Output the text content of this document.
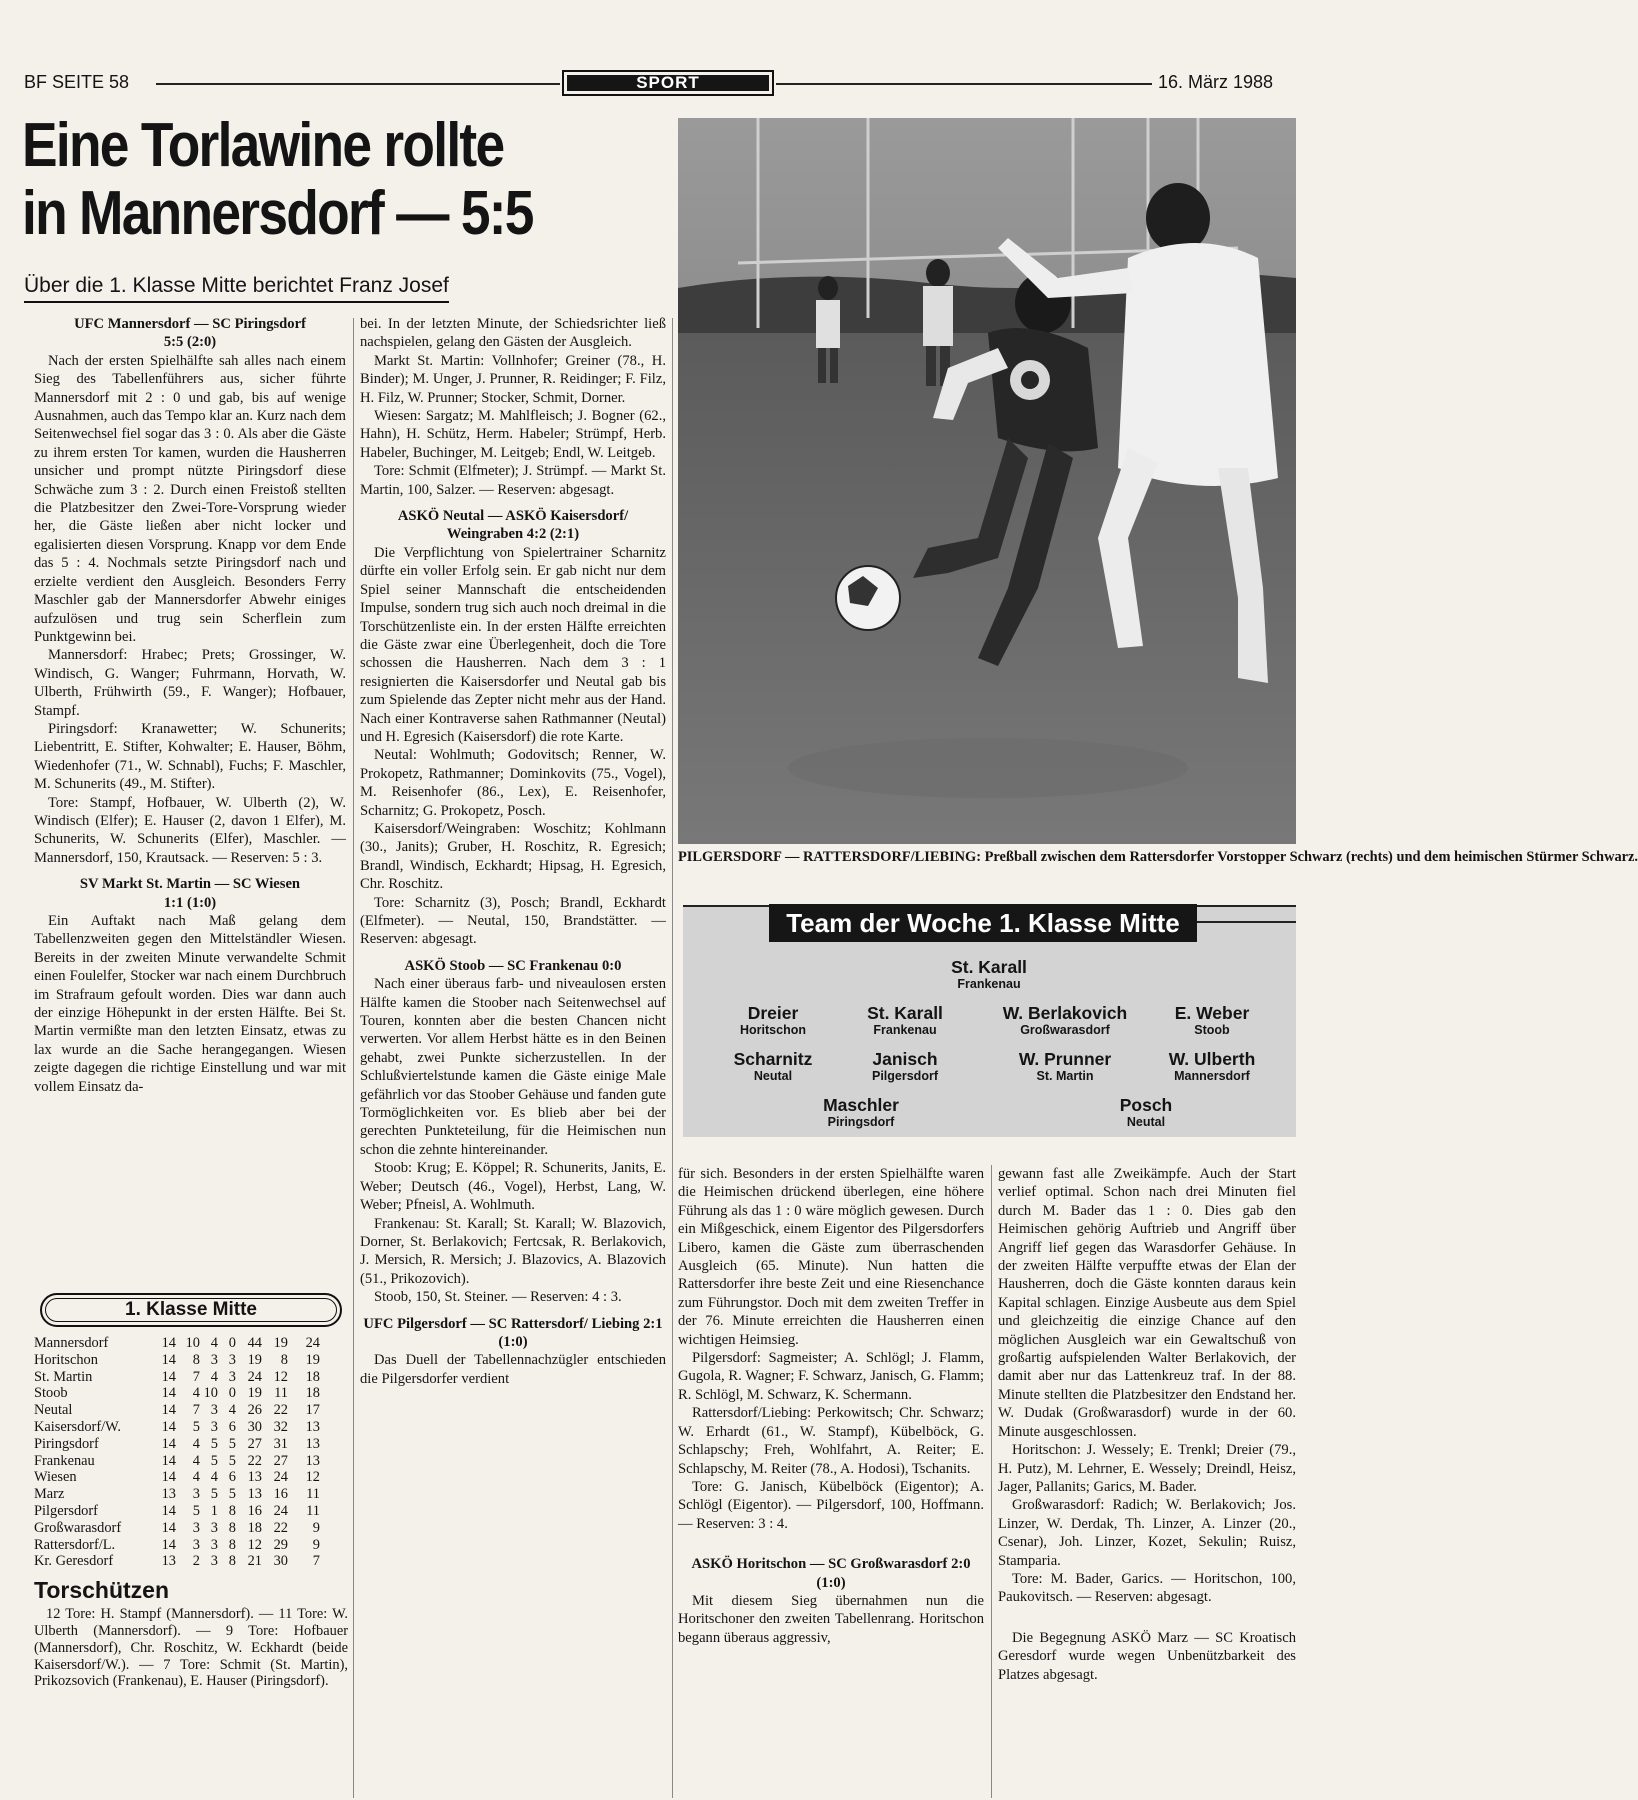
BF SEITE 58	SPORT	16. März 1988
Eine Torlawine rollte
in Mannersdorf — 5:5
Über die 1. Klasse Mitte berichtet Franz Josef

UFC Mannersdorf — SC Piringsdorf

5:5 (2:0)

Nach der ersten Spielhälfte sah alles nach einem Sieg des Tabellenführers aus, sicher führte Mannersdorf mit 2 : 0 und gab, bis auf wenige Ausnahmen, auch das Tempo klar an. Kurz nach dem Seitenwechsel fiel sogar das 3 : 0. Als aber die Gäste zu ihrem ersten Tor kamen, wurden die Hausherren unsicher und prompt nützte Piringsdorf diese Schwäche zum 3 : 2. Durch einen Freistoß stellten die Platzbesitzer den Zwei-Tore-Vorsprung wieder her, die Gäste ließen aber nicht locker und egalisierten diesen Vorsprung. Knapp vor dem Ende das 5 : 4. Nochmals setzte Piringsdorf nach und erzielte verdient den Ausgleich. Besonders Ferry Maschler gab der Mannersdorfer Abwehr einiges aufzulösen und trug sein Scherflein zum Punktgewinn bei.

Mannersdorf: Hrabec; Prets; Grossinger, W. Windisch, G. Wanger; Fuhrmann, Horvath, W. Ulberth, Frühwirth (59., F. Wanger); Hofbauer, Stampf.

Piringsdorf: Kranawetter; W. Schunerits; Liebentritt, E. Stifter, Kohwalter; E. Hauser, Böhm, Wiedenhofer (71., W. Schnabl), Fuchs; F. Maschler, M. Schunerits (49., M. Stifter).

Tore: Stampf, Hofbauer, W. Ulberth (2), W. Windisch (Elfer); E. Hauser (2, davon 1 Elfer), M. Schunerits, W. Schunerits (Elfer), Maschler. — Mannersdorf, 150, Krautsack. — Reserven: 5 : 3.

SV Markt St. Martin — SC Wiesen

1:1 (1:0)

Ein Auftakt nach Maß gelang dem Tabellenzweiten gegen den Mittelständler Wiesen. Bereits in der zweiten Minute verwandelte Schmit einen Foulelfer, Stocker war nach einem Durchbruch im Strafraum gefoult worden. Dies war dann auch der einzige Höhepunkt in der ersten Hälfte. Bei St. Martin vermißte man den letzten Einsatz, etwas zu lax wurde an die Sache herangegangen. Wiesen zeigte dagegen die richtige Einstellung und war mit vollem Einsatz da-

bei. In der letzten Minute, der Schiedsrichter ließ nachspielen, gelang den Gästen der Ausgleich.

Markt St. Martin: Vollnhofer; Greiner (78., H. Binder); M. Unger, J. Prunner, R. Reidinger; F. Filz, H. Filz, W. Prunner; Stocker, Schmit, Dorner.

Wiesen: Sargatz; M. Mahlfleisch; J. Bogner (62., Hahn), H. Schütz, Herm. Habeler; Strümpf, Herb. Habeler, Buchinger, M. Leitgeb; Endl, W. Leitgeb.

Tore: Schmit (Elfmeter); J. Strümpf. — Markt St. Martin, 100, Salzer. — Reserven: abgesagt.

ASKÖ Neutal — ASKÖ Kaisersdorf/ Weingraben 4:2 (2:1)

Die Verpflichtung von Spielertrainer Scharnitz dürfte ein voller Erfolg sein. Er gab nicht nur dem Spiel seiner Mannschaft die entscheidenden Impulse, sondern trug sich auch noch dreimal in die Torschützenliste ein. In der ersten Hälfte erreichten die Gäste zwar eine Überlegenheit, doch die Tore schossen die Hausherren. Nach dem 3 : 1 resignierten die Kaisersdorfer und Neutal gab bis zum Spielende das Zepter nicht mehr aus der Hand. Nach einer Kontraverse sahen Rathmanner (Neutal) und H. Egresich (Kaisersdorf) die rote Karte.

Neutal: Wohlmuth; Godovitsch; Renner, W. Prokopetz, Rathmanner; Dominkovits (75., Vogel), M. Reisenhofer (86., Lex), E. Reisenhofer, Scharnitz; G. Prokopetz, Posch.

Kaisersdorf/Weingraben: Woschitz; Kohlmann (30., Janits); Gruber, H. Roschitz, R. Egresich; Brandl, Windisch, Eckhardt; Hipsag, H. Egresich, Chr. Roschitz.

Tore: Scharnitz (3), Posch; Brandl, Eckhardt (Elfmeter). — Neutal, 150, Brandstätter. — Reserven: abgesagt.

ASKÖ Stoob — SC Frankenau 0:0

Nach einer überaus farb- und niveaulosen ersten Hälfte kamen die Stoober nach Seitenwechsel auf Touren, konnten aber die besten Chancen nicht verwerten. Vor allem Herbst hätte es in den Beinen gehabt, zwei Punkte sicherzustellen. In der Schlußviertelstunde kamen die Gäste einige Male gefährlich vor das Stoober Gehäuse und fanden gute Tormöglichkeiten vor. Es blieb aber bei der gerechten Punkteteilung, für die Heimischen nun schon die zehnte hintereinander.

Stoob: Krug; E. Köppel; R. Schunerits, Janits, E. Weber; Deutsch (46., Vogel), Herbst, Lang, W. Weber; Pfneisl, A. Wohlmuth.

Frankenau: St. Karall; St. Karall; W. Blazovich, Dorner, St. Berlakovich; Fertcsak, R. Berlakovich, J. Mersich, R. Mersich; J. Blazovics, A. Blazovich (51., Prikozovich).

Stoob, 150, St. Steiner. — Reserven: 4 : 3.

UFC Pilgersdorf — SC Rattersdorf/ Liebing 2:1 (1:0)

Das Duell der Tabellennachzügler entschieden die Pilgersdorfer verdient

PILGERSDORF — RATTERSDORF/LIEBING: Preßball zwischen dem Rattersdorfer Vorstopper Schwarz (rechts) und dem heimischen Stürmer Schwarz.
Team der Woche 1. Klasse Mitte
St. Karall
Frankenau
Dreier
Horitschon
St. Karall
Frankenau
W. Berlakovich
Großwarasdorf
E. Weber
Stoob
Scharnitz
Neutal
Janisch
Pilgersdorf
W. Prunner
St. Martin
W. Ulberth
Mannersdorf
Maschler
Piringsdorf
Posch
Neutal
1. Klasse Mitte
Mannersdorf	14	10	4	0	44	19	24
Horitschon	14	8	3	3	19	8	19
St. Martin	14	7	4	3	24	12	18
Stoob	14	4	10	0	19	11	18
Neutal	14	7	3	4	26	22	17
Kaisersdorf/W.	14	5	3	6	30	32	13
Piringsdorf	14	4	5	5	27	31	13
Frankenau	14	4	5	5	22	27	13
Wiesen	14	4	4	6	13	24	12
Marz	13	3	5	5	13	16	11
Pilgersdorf	14	5	1	8	16	24	11
Großwarasdorf	14	3	3	8	18	22	9
Rattersdorf/L.	14	3	3	8	12	29	9
Kr. Geresdorf	13	2	3	8	21	30	7
Torschützen
12 Tore: H. Stampf (Mannersdorf). — 11 Tore: W. Ulberth (Mannersdorf). — 9 Tore: Hofbauer (Mannersdorf), Chr. Roschitz, W. Eckhardt (beide Kaisersdorf/W.). — 7 Tore: Schmit (St. Martin), Prikozsovich (Frankenau), E. Hauser (Piringsdorf).

für sich. Besonders in der ersten Spielhälfte waren die Heimischen drückend überlegen, eine höhere Führung als das 1 : 0 wäre möglich gewesen. Durch ein Mißgeschick, einem Eigentor des Pilgersdorfers Libero, kamen die Gäste zum überraschenden Ausgleich (65. Minute). Nun hatten die Rattersdorfer ihre beste Zeit und eine Riesenchance zum Führungstor. Doch mit dem zweiten Treffer in der 76. Minute erreichten die Hausherren einen wichtigen Heimsieg.

Pilgersdorf: Sagmeister; A. Schlögl; J. Flamm, Gugola, R. Wagner; F. Schwarz, Janisch, G. Flamm; R. Schlögl, M. Schwarz, K. Schermann.

Rattersdorf/Liebing: Perkowitsch; Chr. Schwarz; W. Erhardt (61., W. Stampf), Kübelböck, G. Schlapschy; Freh, Wohlfahrt, A. Reiter; E. Schlapschy, M. Reiter (78., A. Hodosi), Tschanits.

Tore: G. Janisch, Kübelböck (Eigentor); A. Schlögl (Eigentor). — Pilgersdorf, 100, Hoffmann. — Reserven: 3 : 4.

ASKÖ Horitschon — SC Großwarasdorf 2:0 (1:0)

Mit diesem Sieg übernahmen nun die Horitschoner den zweiten Tabellenrang. Horitschon begann überaus aggressiv,

gewann fast alle Zweikämpfe. Auch der Start verlief optimal. Schon nach drei Minuten fiel durch M. Bader das 1 : 0. Dies gab den Heimischen gehörig Auftrieb und Angriff über Angriff lief gegen das Warasdorfer Gehäuse. In der zweiten Hälfte verpuffte etwas der Elan der Hausherren, doch die Gäste konnten daraus kein Kapital schlagen. Einzige Ausbeute aus dem Spiel und gleichzeitig die einzige Chance auf den möglichen Ausgleich war ein Gewaltschuß von großartig aufspielenden Walter Berlakovich, der damit aber nur das Lattenkreuz traf. In der 88. Minute stellten die Platzbesitzer den Endstand her. W. Dudak (Großwarasdorf) wurde in der 60. Minute ausgeschlossen.

Horitschon: J. Wessely; E. Trenkl; Dreier (79., H. Putz), M. Lehrner, E. Wessely; Dreindl, Heisz, Jager, Pallanits; Garics, M. Bader.

Großwarasdorf: Radich; W. Berlakovich; Jos. Linzer, W. Derdak, Th. Linzer, A. Linzer (20., Csenar), Joh. Linzer, Kozet, Sekulin; Ruisz, Stamparia.

Tore: M. Bader, Garics. — Horitschon, 100, Paukovitsch. — Reserven: abgesagt.

Die Begegnung ASKÖ Marz — SC Kroatisch Geresdorf wurde wegen Unbenützbarkeit des Platzes abgesagt.
